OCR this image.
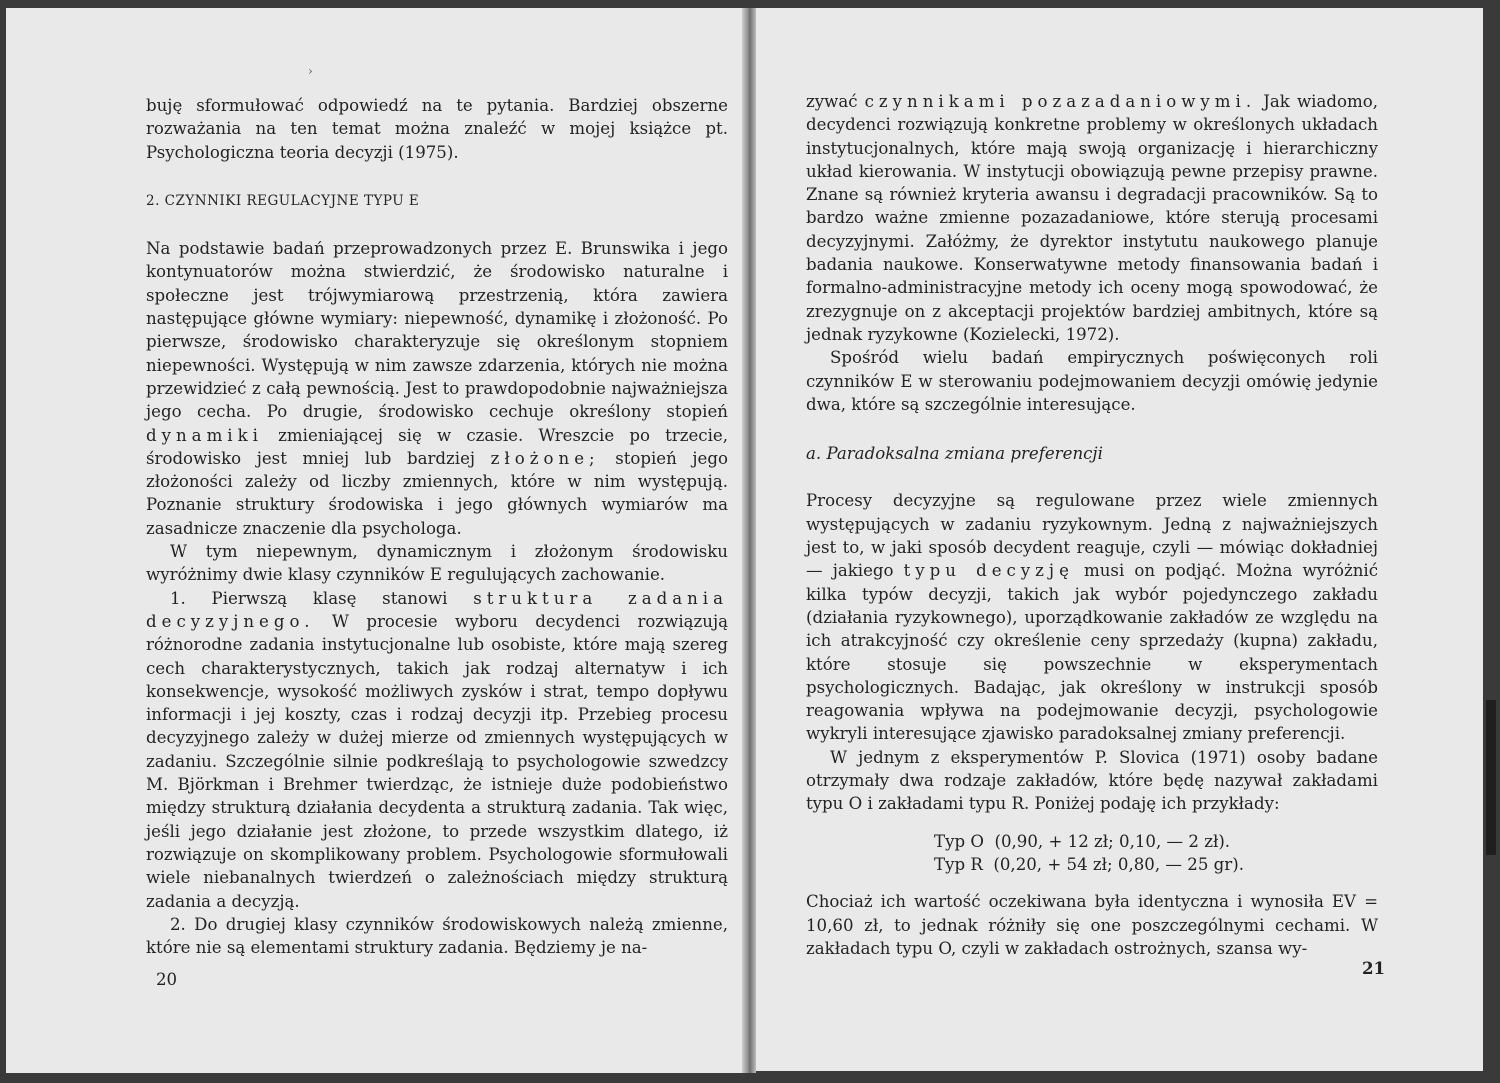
›

buję sformułować odpowiedź na te pytania. Bardziej obszerne rozważania na ten temat można znaleźć w mojej książce pt. Psychologiczna teoria decyzji (1975).

2. CZYNNIKI REGULACYJNE TYPU E

Na podstawie badań przeprowadzonych przez E. Brunswika i jego kontynuatorów można stwierdzić, że środowisko naturalne i społeczne jest trójwymiarową przestrzenią, która zawiera następujące główne wymiary: niepewność, dynamikę i złożoność. Po pierwsze, środowisko charakteryzuje się określonym stopniem niepewności. Występują w nim zawsze zdarzenia, których nie można przewidzieć z całą pewnością. Jest to prawdopodobnie najważniejsza jego cecha. Po drugie, środowisko cechuje określony stopień dynamiki zmieniającej się w czasie. Wreszcie po trzecie, środowisko jest mniej lub bardziej złożone; stopień jego złożoności zależy od liczby zmiennych, które w nim występują. Poznanie struktury środowiska i jego głównych wymiarów ma zasadnicze znaczenie dla psychologa.

W tym niepewnym, dynamicznym i złożonym środowisku wyróżnimy dwie klasy czynników E regulujących zachowanie.

1. Pierwszą klasę stanowi struktura zadania decyzyjnego. W procesie wyboru decydenci rozwiązują różnorodne zadania instytucjonalne lub osobiste, które mają szereg cech charakterystycznych, takich jak rodzaj alternatyw i ich konsekwencje, wysokość możliwych zysków i strat, tempo dopływu informacji i jej koszty, czas i rodzaj decyzji itp. Przebieg procesu decyzyjnego zależy w dużej mierze od zmiennych występujących w zadaniu. Szczególnie silnie podkreślają to psychologowie szwedzcy M. Björkman i Brehmer twierdząc, że istnieje duże podobieństwo między strukturą działania decydenta a strukturą zadania. Tak więc, jeśli jego działanie jest złożone, to przede wszystkim dlatego, iż rozwiązuje on skomplikowany problem. Psychologowie sformułowali wiele niebanalnych twierdzeń o zależnościach między strukturą zadania a decyzją.

2. Do drugiej klasy czynników środowiskowych należą zmienne, które nie są elementami struktury zadania. Będziemy je na-

20

zywać czynnikami pozazadaniowymi. Jak wiadomo, decydenci rozwiązują konkretne problemy w określonych układach instytucjonalnych, które mają swoją organizację i hierarchiczny układ kierowania. W instytucji obowiązują pewne przepisy prawne. Znane są również kryteria awansu i degradacji pracowników. Są to bardzo ważne zmienne pozazadaniowe, które sterują procesami decyzyjnymi. Załóżmy, że dyrektor instytutu naukowego planuje badania naukowe. Konserwatywne metody finansowania badań i formalno-administracyjne metody ich oceny mogą spowodować, że zrezygnuje on z akceptacji projektów bardziej ambitnych, które są jednak ryzykowne (Kozielecki, 1972).

Spośród wielu badań empirycznych poświęconych roli czynników E w sterowaniu podejmowaniem decyzji omówię jedynie dwa, które są szczególnie interesujące.

a. Paradoksalna zmiana preferencji

Procesy decyzyjne są regulowane przez wiele zmiennych występujących w zadaniu ryzykownym. Jedną z najważniejszych jest to, w jaki sposób decydent reaguje, czyli — mówiąc dokładniej — jakiego typu decyzję musi on podjąć. Można wyróżnić kilka typów decyzji, takich jak wybór pojedynczego zakładu (działania ryzykownego), uporządkowanie zakładów ze względu na ich atrakcyjność czy określenie ceny sprzedaży (kupna) zakładu, które stosuje się powszechnie w eksperymentach psychologicznych. Badając, jak określony w instrukcji sposób reagowania wpływa na podejmowanie decyzji, psychologowie wykryli interesujące zjawisko paradoksalnej zmiany preferencji.

W jednym z eksperymentów P. Slovica (1971) osoby badane otrzymały dwa rodzaje zakładów, które będę nazywał zakładami typu O i zakładami typu R. Poniżej podaję ich przykłady:

Typ O  (0,90, + 12 zł; 0,10, — 2 zł).
Typ R  (0,20, + 54 zł; 0,80, — 25 gr).

Chociaż ich wartość oczekiwana była identyczna i wynosiła EV = 10,60 zł, to jednak różniły się one poszczególnymi cechami. W zakładach typu O, czyli w zakładach ostrożnych, szansa wy-

21
